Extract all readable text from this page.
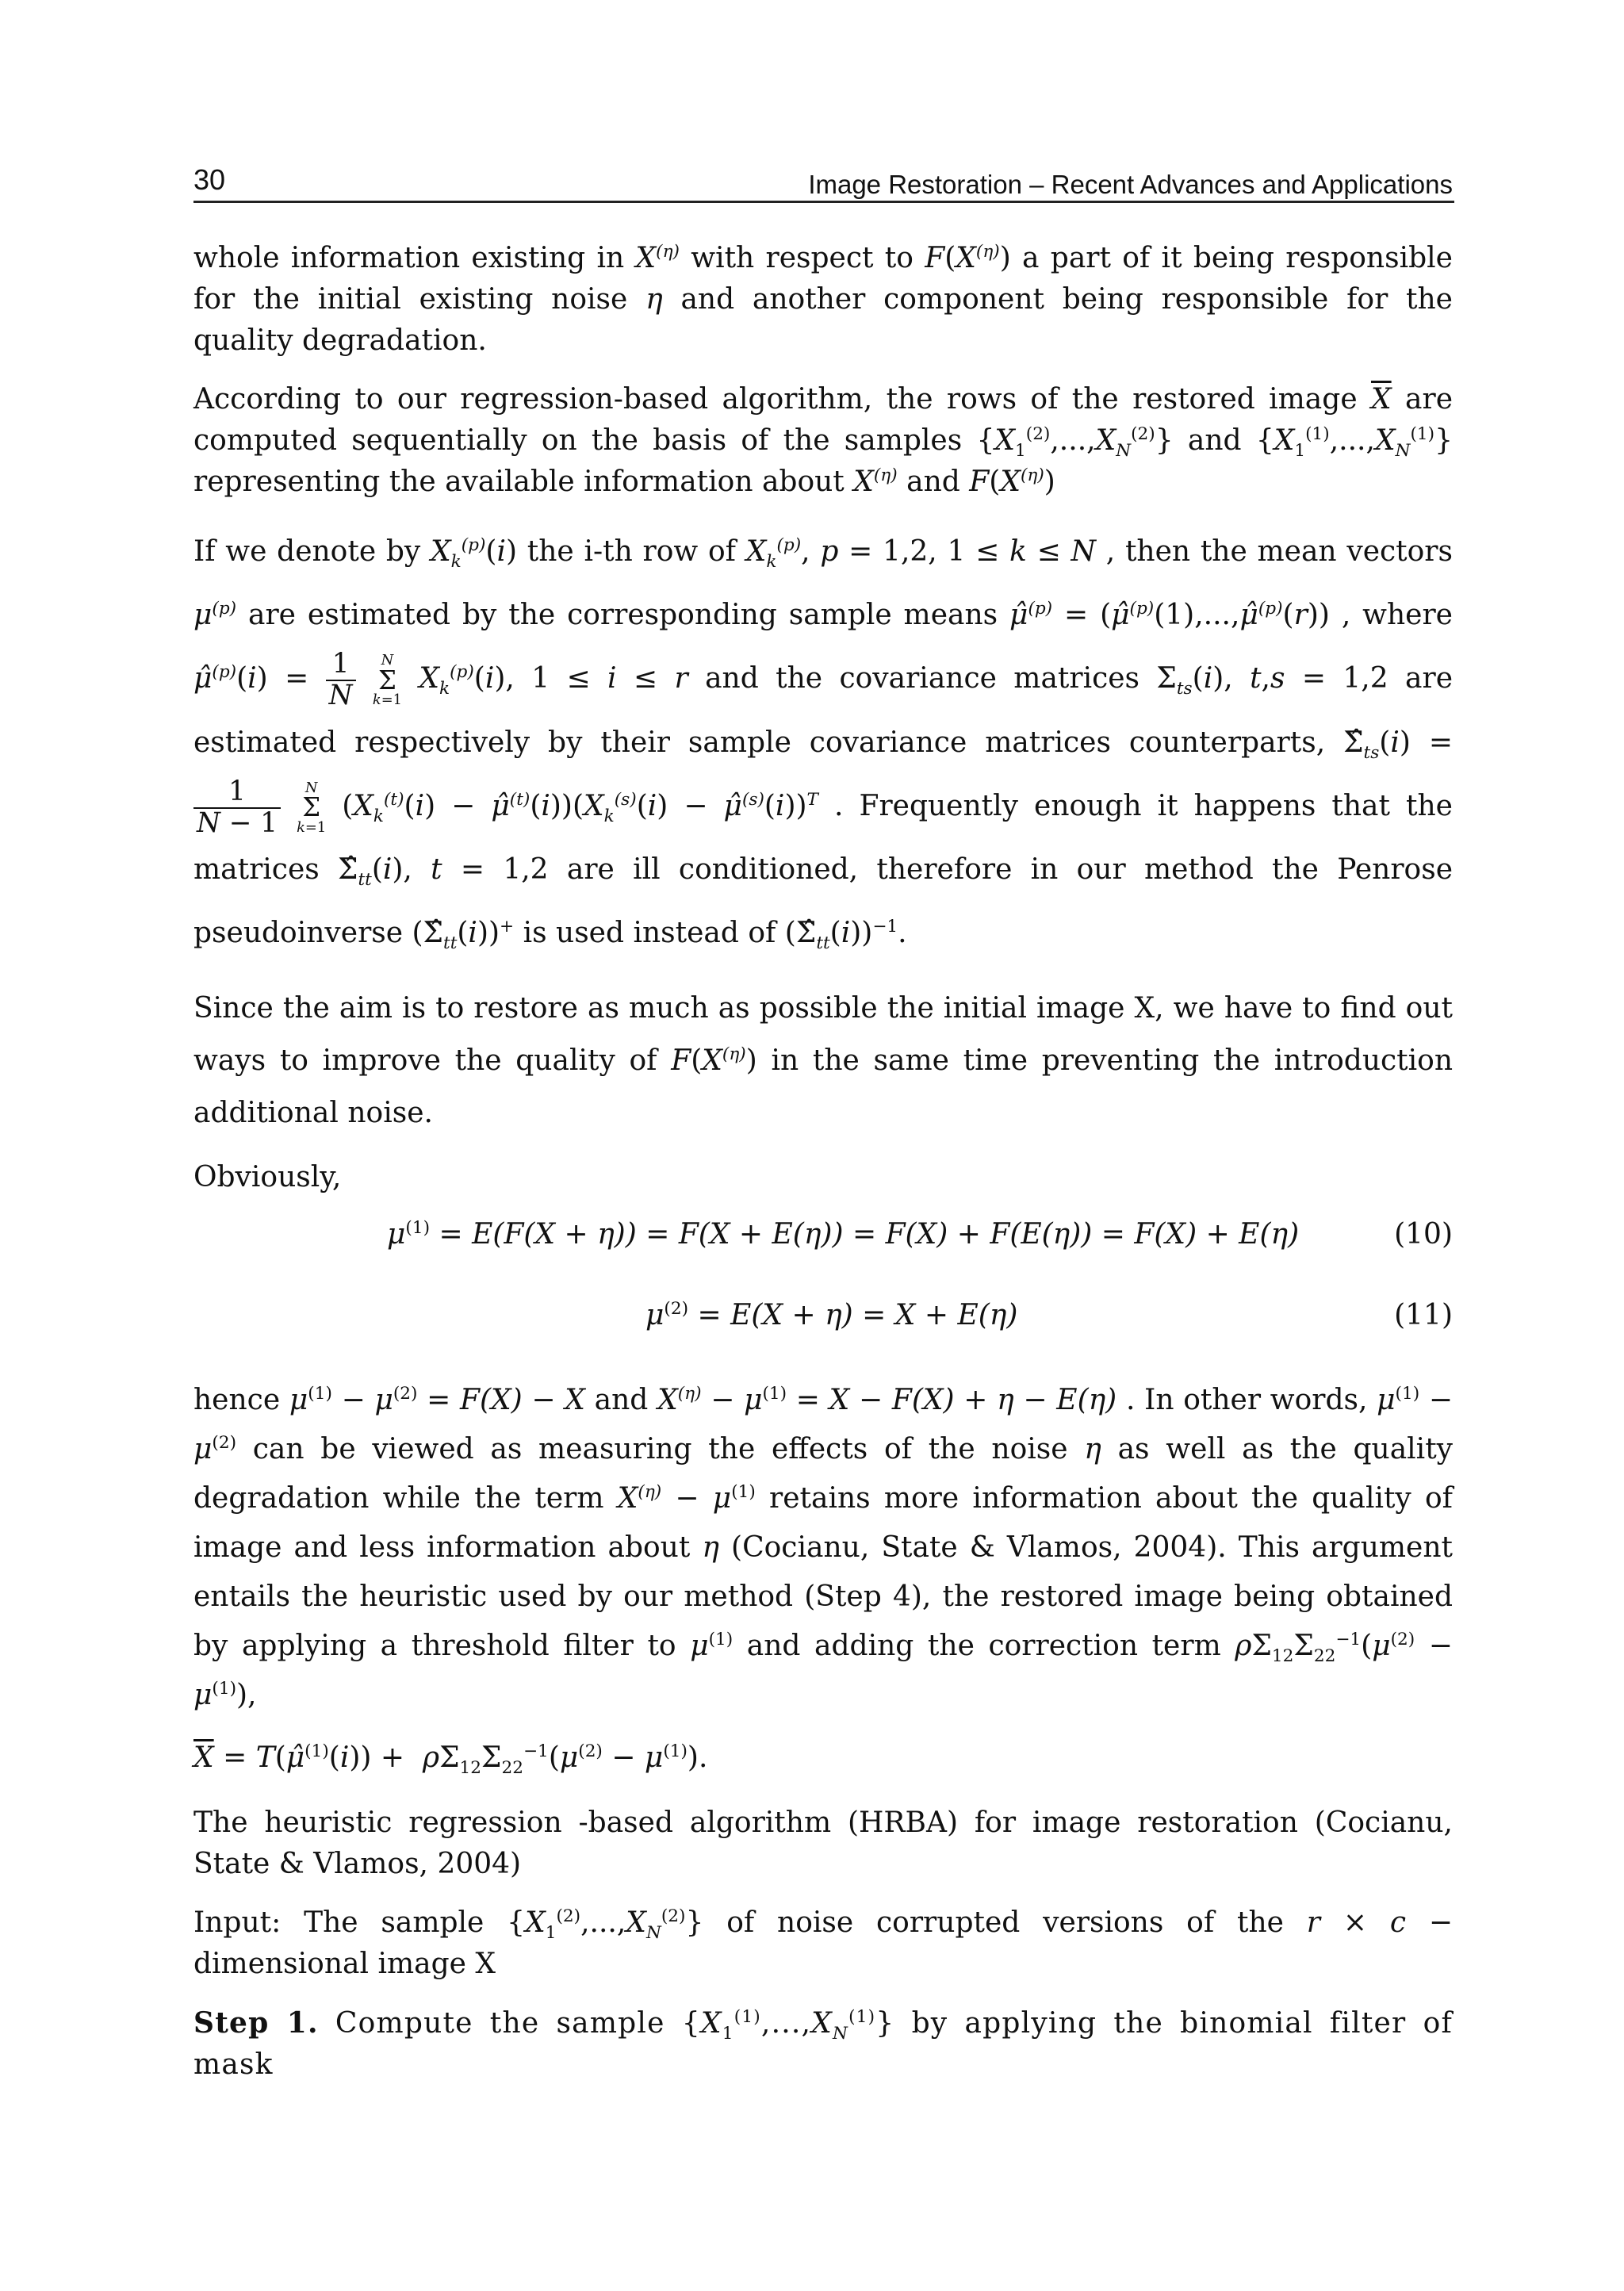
30	Image Restoration – Recent Advances and Applications

whole information existing in $X^{(\eta)}$ with respect to $F(X^{(\eta)})$ a part of it being responsible for the initial existing noise η and another component being responsible for the quality degradation.

According to our regression-based algorithm, the rows of the restored image $\overline{X}$ are computed sequentially on the basis of the samples $\{X_1^{(2)},...,X_N^{(2)}\}$ and $\{X_1^{(1)},...,X_N^{(1)}\}$ representing the available information about $X^{(\eta)}$ and $F(X^{(\eta)})$

If we denote by $X_k^{(p)}(i)$ the i-th row of $X_k^{(p)}$, p = 1,2, 1 ≤ k ≤ N , then the mean vectors $\mu^{(p)}$ are estimated by the corresponding sample means μ̂$^{(p)}$ = (μ̂$^{(p)}$(1),...,μ̂$^{(p)}$(r)) , where μ̂$^{(p)}$(i) = $\frac{1}{N}$
	N
Σ
k=1
$X_k^{(p)}(i)$, 1 ≤ i ≤ r and the covariance matrices $\Sigma_{ts}(i)$, t,s = 1,2 are estimated respectively by their sample covariance matrices counterparts, $\Sigmâ_{ts}(i)$ =
$\frac{1}{N - 1}$
	N
Σ
k=1
($X_k^{(t)}(i)$ − $\mû^{(t)}(i))(X_k^{(s)}(i)$ − μ̂$^{(s)}$(i))$^T$ . Frequently enough it happens that the matrices $\Sigmâ_{tt}(i)$, t = 1,2 are ill conditioned, therefore in our method the Penrose pseudoinverse $(\Sigmâ_{tt}(i))^+$ is used instead of $(\Sigmâ_{tt}(i))^{-1}$.

Since the aim is to restore as much as possible the initial image X, we have to find out ways to improve the quality of $F(X^{(\eta)})$ in the same time preventing the introduction additional noise.

Obviously,

$\mu^{(1)} = E(F(X + \eta)) = F(X + E(\eta)) = F(X) + F(E(\eta)) = F(X) + E(\eta)$	(10)
$\mu^{(2)} = E(X + \eta) = X + E(\eta)$	(11)

hence $\mu^{(1)} - \mu^{(2)} = F(X) - X$ and $X^{(\eta)} - \mu^{(1)} = X - F(X) + \eta - E(\eta)$ . In other words, $\mu^{(1)} - \mu^{(2)}$ can be viewed as measuring the effects of the noise η as well as the quality degradation while the term $X^{(\eta)} - \mu^{(1)}$ retains more information about the quality of image and less information about η (Cocianu, State & Vlamos, 2004). This argument entails the heuristic used by our method (Step 4), the restored image being obtained by applying a threshold filter to $\mu^{(1)}$ and adding the correction term $\rho\Sigma_{12}\Sigma_{22}^{-1}(\mu^{(2)} - \mu^{(1)})$,

$\overline{X}$ = T(μ̂$^{(1)}$(i)) +  $\rho\Sigma_{12}\Sigma_{22}^{-1}(\mu^{(2)} - \mu^{(1)})$.

The heuristic regression -based algorithm (HRBA) for image restoration (Cocianu, State & Vlamos, 2004)

Input: The sample $\{X_1^{(2)},...,X_N^{(2)}\}$ of noise corrupted versions of the r × c − dimensional image X

Step 1. Compute the sample $\{X_1^{(1)},...,X_N^{(1)}\}$ by applying the binomial filter of mask
